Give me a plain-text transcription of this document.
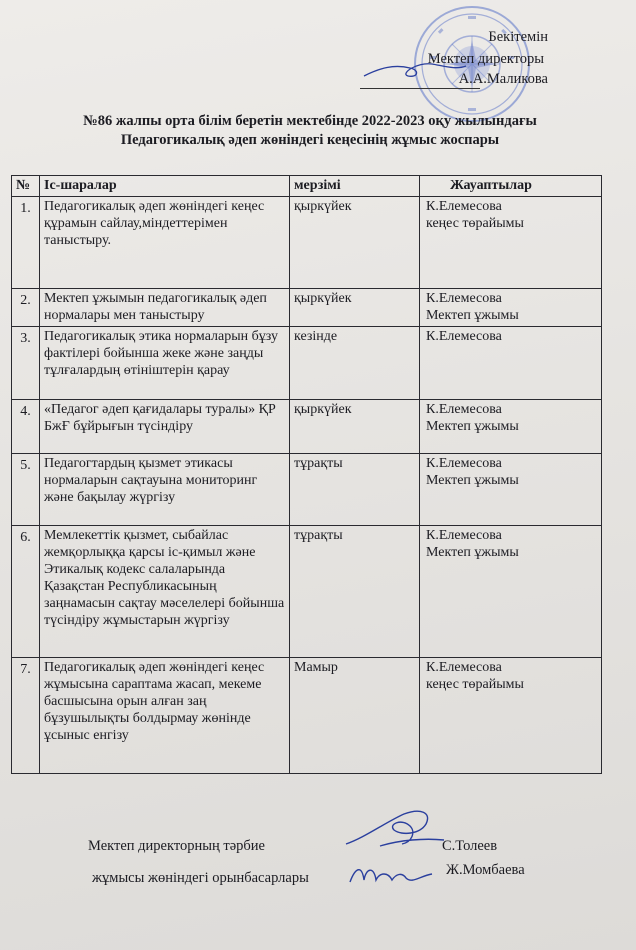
Бекітемін
Мектеп директоры
А.А.Маликова
№86 жалпы орта білім беретін мектебінде 2022-2023 оқу жылындағы
Педагогикалық әдеп жөніндегі кеңесінің жұмыс жоспары
№	Іс-шаралар	мерзімі	Жауаптылар
1.	Педагогикалық әдеп жөніндегі кеңес құрамын сайлау,міндеттерімен таныстыру.	қыркүйек	К.Елемесова
кеңес төрайымы

2.	Мектеп ұжымын педагогикалық әдеп нормалары мен таныстыру	қыркүйек	К.Елемесова
Мектеп ұжымы

3.	Педагогикалық этика нормаларын бұзу фактілері бойынша жеке және заңды тұлғалардың өтініштерін қарау	кезінде	К.Елемесова

4.	«Педагог әдеп қағидалары туралы» ҚР БжҒ бұйрығын түсіндіру	қыркүйек	К.Елемесова
Мектеп ұжымы

5.	Педагогтардың қызмет этикасы нормаларын сақтауына мониторинг және бақылау жүргізу	тұрақты	К.Елемесова
Мектеп ұжымы

6.	Мемлекеттік қызмет, сыбайлас жемқорлыққа қарсы іс-қимыл және Этикалық кодекс салаларында Қазақстан Республикасының заңнамасын сақтау мәселелері бойынша түсіндіру жұмыстарын жүргізу	тұрақты	К.Елемесова
Мектеп ұжымы

7.	Педагогикалық әдеп жөніндегі кеңес жұмысына сараптама жасап, мекеме басшысына орын алған заң бұзушылықты болдырмау жөнінде ұсыныс енгізу	Мамыр	К.Елемесова
кеңес төрайымы
Мектеп директорның тәрбие
жұмысы жөніндегі орынбасарлары
С.Толеев
Ж.Момбаева
